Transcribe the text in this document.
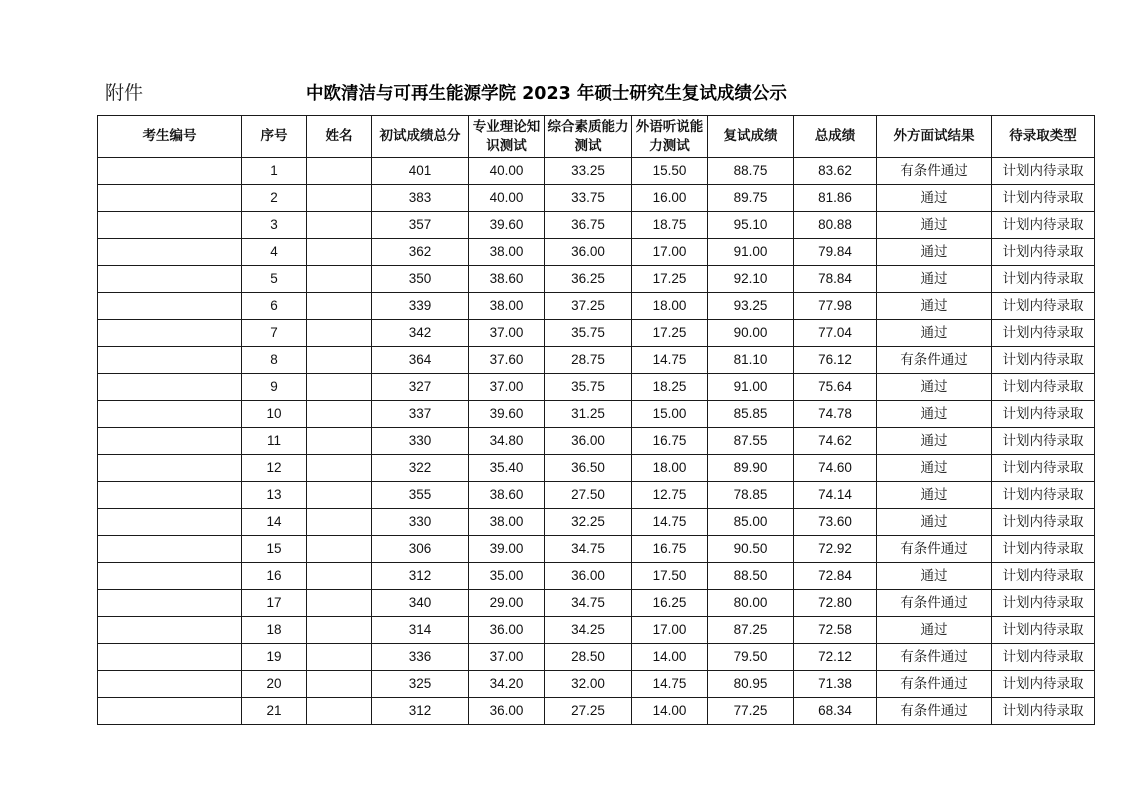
附件	中欧清洁与可再生能源学院 2023 年硕士研究生复试成绩公示
考生编号	序号	姓名	初试成绩总分	专业理论知识测试	综合素质能力测试	外语听说能力测试	复试成绩	总成绩	外方面试结果	待录取类型
	1		401	40.00	33.25	15.50	88.75	83.62	有条件通过	计划内待录取
	2		383	40.00	33.75	16.00	89.75	81.86	通过	计划内待录取
	3		357	39.60	36.75	18.75	95.10	80.88	通过	计划内待录取
	4		362	38.00	36.00	17.00	91.00	79.84	通过	计划内待录取
	5		350	38.60	36.25	17.25	92.10	78.84	通过	计划内待录取
	6		339	38.00	37.25	18.00	93.25	77.98	通过	计划内待录取
	7		342	37.00	35.75	17.25	90.00	77.04	通过	计划内待录取
	8		364	37.60	28.75	14.75	81.10	76.12	有条件通过	计划内待录取
	9		327	37.00	35.75	18.25	91.00	75.64	通过	计划内待录取
	10		337	39.60	31.25	15.00	85.85	74.78	通过	计划内待录取
	11		330	34.80	36.00	16.75	87.55	74.62	通过	计划内待录取
	12		322	35.40	36.50	18.00	89.90	74.60	通过	计划内待录取
	13		355	38.60	27.50	12.75	78.85	74.14	通过	计划内待录取
	14		330	38.00	32.25	14.75	85.00	73.60	通过	计划内待录取
	15		306	39.00	34.75	16.75	90.50	72.92	有条件通过	计划内待录取
	16		312	35.00	36.00	17.50	88.50	72.84	通过	计划内待录取
	17		340	29.00	34.75	16.25	80.00	72.80	有条件通过	计划内待录取
	18		314	36.00	34.25	17.00	87.25	72.58	通过	计划内待录取
	19		336	37.00	28.50	14.00	79.50	72.12	有条件通过	计划内待录取
	20		325	34.20	32.00	14.75	80.95	71.38	有条件通过	计划内待录取
	21		312	36.00	27.25	14.00	77.25	68.34	有条件通过	计划内待录取
